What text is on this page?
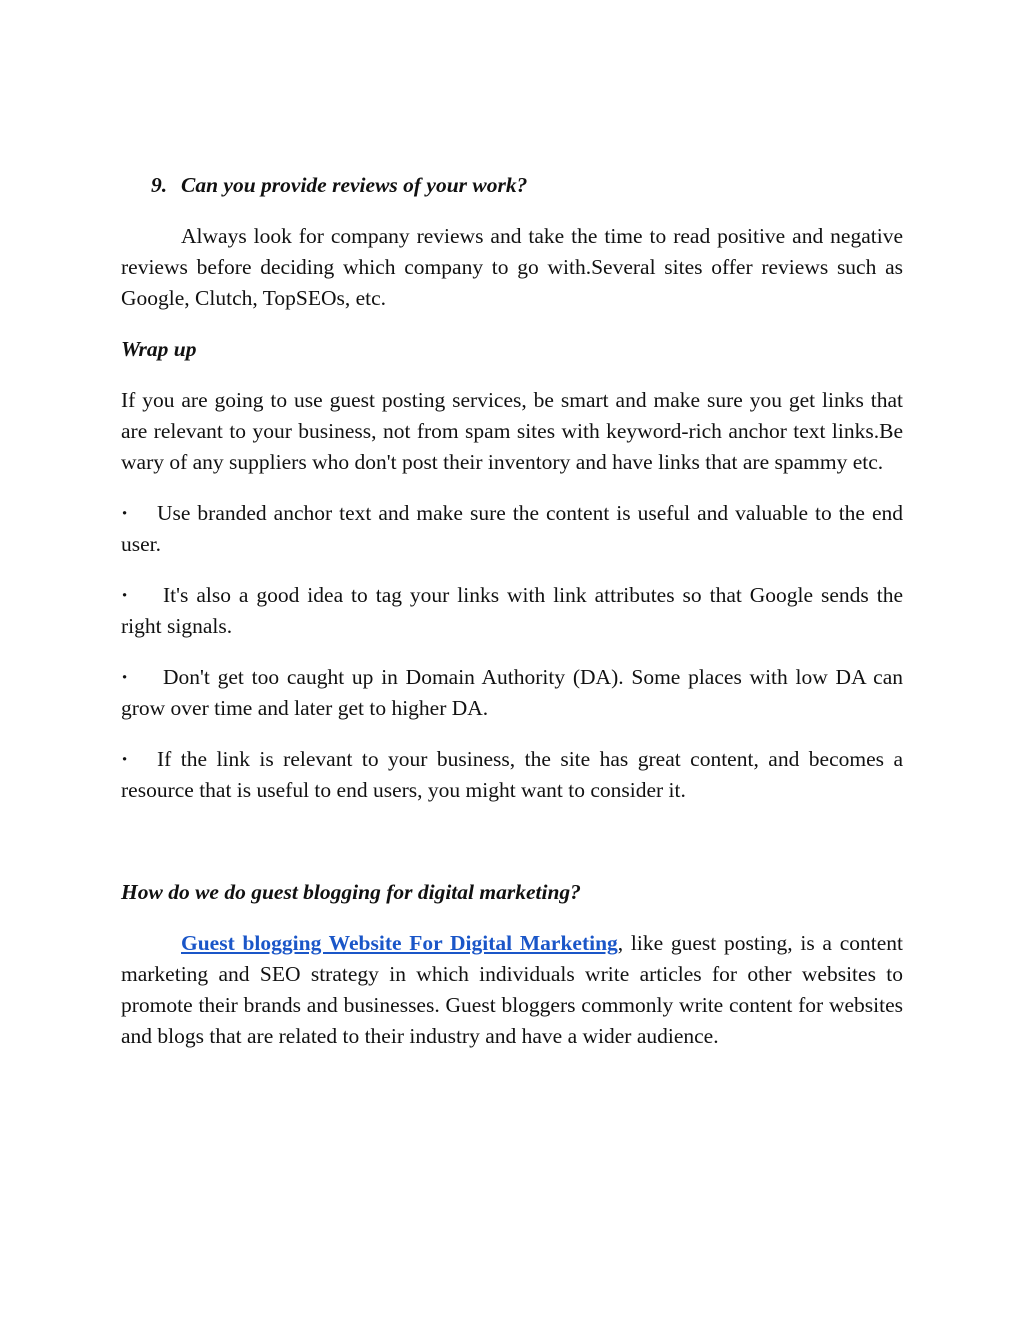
9. Can you provide reviews of your work?

Always look for company reviews and take the time to read positive and negative reviews before deciding which company to go with.Several sites offer reviews such as Google, Clutch, TopSEOs, etc.

Wrap up

If you are going to use guest posting services, be smart and make sure you get links that are relevant to your business, not from spam sites with keyword-rich anchor text links.Be wary of any suppliers who don't post their inventory and have links that are spammy etc.

· Use branded anchor text and make sure the content is useful and valuable to the end user.

· It's also a good idea to tag your links with link attributes so that Google sends the right signals.

· Don't get too caught up in Domain Authority (DA). Some places with low DA can grow over time and later get to higher DA.

· If the link is relevant to your business, the site has great content, and becomes a resource that is useful to end users, you might want to consider it.

How do we do guest blogging for digital marketing?

Guest blogging Website For Digital Marketing, like guest posting, is a content marketing and SEO strategy in which individuals write articles for other websites to promote their brands and businesses. Guest bloggers commonly write content for websites and blogs that are related to their industry and have a wider audience.
